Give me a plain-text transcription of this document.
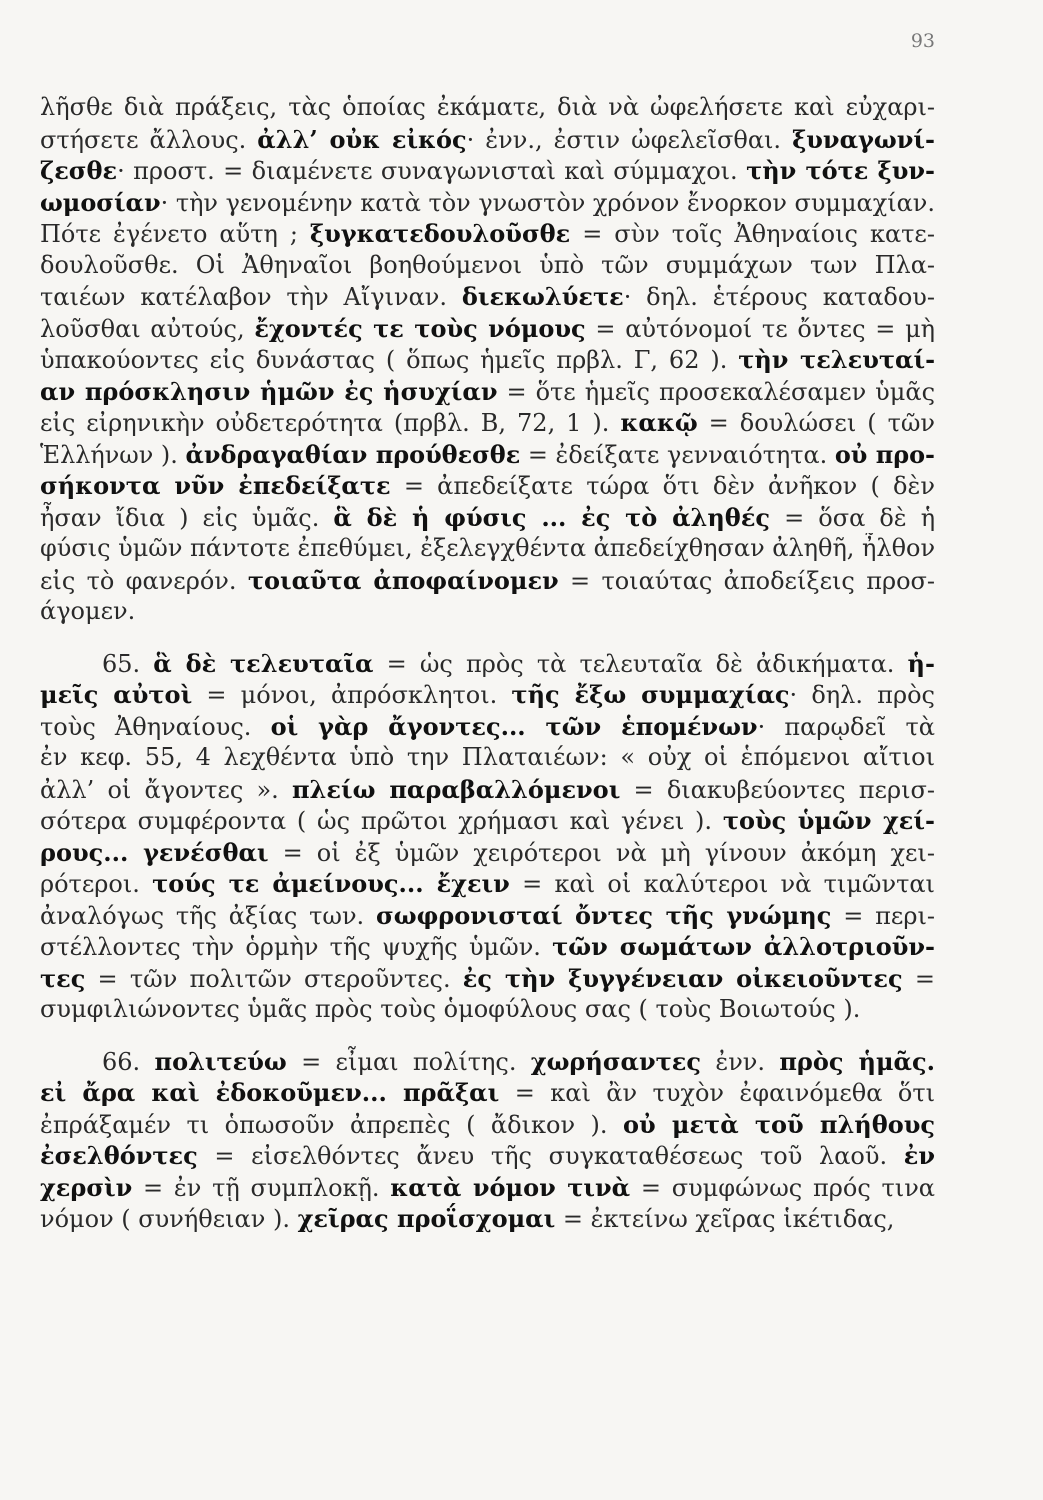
93
λῆσθε διὰ πράξεις, τὰς ὁποίας ἐκάματε, διὰ νὰ ὠφελήσετε καὶ εὐχαρι-
στήσετε ἄλλους. ἀλλ’ οὐκ εἰκός· ἐνν., ἐστιν ὠφελεῖσθαι. ξυναγωνί-
ζεσθε· προστ. = διαμένετε συναγωνισταὶ καὶ σύμμαχοι. τὴν τότε ξυν-
ωμοσίαν· τὴν γενομένην κατὰ τὸν γνωστὸν χρόνον ἔνορκον συμμαχίαν.
Πότε ἐγένετο αὕτη ; ξυγκατεδουλοῦσθε = σὺν τοῖς Ἀθηναίοις κατε-
δουλοῦσθε. Οἱ Ἀθηναῖοι βοηθούμενοι ὑπὸ τῶν συμμάχων των Πλα-
ταιέων κατέλαβον τὴν Αἴγιναν. διεκωλύετε· δηλ. ἑτέρους καταδου-
λοῦσθαι αὐτούς, ἔχοντές τε τοὺς νόμους = αὐτόνομοί τε ὄντες = μὴ
ὑπακούοντες εἰς δυνάστας ( ὅπως ἡμεῖς πρβλ. Γ, 62 ). τὴν τελευταί-
αν πρόσκλησιν ἡμῶν ἐς ἡσυχίαν = ὅτε ἡμεῖς προσεκαλέσαμεν ὑμᾶς
εἰς εἰρηνικὴν οὐδετερότητα (πρβλ. Β, 72, 1 ). κακῷ = δουλώσει ( τῶν
Ἑλλήνων ). ἀνδραγαθίαν προύθεσθε = ἐδείξατε γενναιότητα. οὐ προ-
σήκοντα νῦν ἐπεδείξατε = ἀπεδείξατε τώρα ὅτι δὲν ἀνῆκον ( δὲν
ἦσαν ἴδια ) εἰς ὑμᾶς. ἃ δὲ ἡ φύσις ... ἐς τὸ ἀληθές = ὅσα δὲ ἡ
φύσις ὑμῶν πάντοτε ἐπεθύμει, ἐξελεγχθέντα ἀπεδείχθησαν ἀληθῆ, ἦλθον
εἰς τὸ φανερόν. τοιαῦτα ἀποφαίνομεν = τοιαύτας ἀποδείξεις προσ-
άγομεν.
65. ἃ δὲ τελευταῖα = ὡς πρὸς τὰ τελευταῖα δὲ ἀδικήματα. ἡ-
μεῖς αὐτοὶ = μόνοι, ἀπρόσκλητοι. τῆς ἔξω συμμαχίας· δηλ. πρὸς
τοὺς Ἀθηναίους. οἱ γὰρ ἄγοντες... τῶν ἑπομένων· παρῳδεῖ τὰ
ἐν κεφ. 55, 4 λεχθέντα ὑπὸ την Πλαταιέων: « οὐχ οἱ ἑπόμενοι αἴτιοι
ἀλλ’ οἱ ἄγοντες ». πλείω παραβαλλόμενοι = διακυβεύοντες περισ-
σότερα συμφέροντα ( ὡς πρῶτοι χρήμασι καὶ γένει ). τοὺς ὑμῶν χεί-
ρους... γενέσθαι = οἱ ἐξ ὑμῶν χειρότεροι νὰ μὴ γίνουν ἀκόμη χει-
ρότεροι. τούς τε ἀμείνους... ἔχειν = καὶ οἱ καλύτεροι νὰ τιμῶνται
ἀναλόγως τῆς ἀξίας των. σωφρονισταί ὄντες τῆς γνώμης = περι-
στέλλοντες τὴν ὁρμὴν τῆς ψυχῆς ὑμῶν. τῶν σωμάτων ἀλλοτριοῦν-
τες = τῶν πολιτῶν στεροῦντες. ἐς τὴν ξυγγένειαν οἰκειοῦντες =
συμφιλιώνοντες ὑμᾶς πρὸς τοὺς ὁμοφύλους σας ( τοὺς Βοιωτούς ).
66. πολιτεύω = εἶμαι πολίτης. χωρήσαντες ἐνν. πρὸς ἡμᾶς.
εἰ ἄρα καὶ ἐδοκοῦμεν... πρᾶξαι = καὶ ἂν τυχὸν ἐφαινόμεθα ὅτι
ἐπράξαμέν τι ὁπωσοῦν ἀπρεπὲς ( ἄδικον ). οὐ μετὰ τοῦ πλήθους
ἐσελθόντες = εἰσελθόντες ἄνευ τῆς συγκαταθέσεως τοῦ λαοῦ. ἐν
χερσὶν = ἐν τῇ συμπλοκῇ. κατὰ νόμον τινὰ = συμφώνως πρός τινα
νόμον ( συνήθειαν ). χεῖρας προΐσχομαι = ἐκτείνω χεῖρας ἱκέτιδας,
